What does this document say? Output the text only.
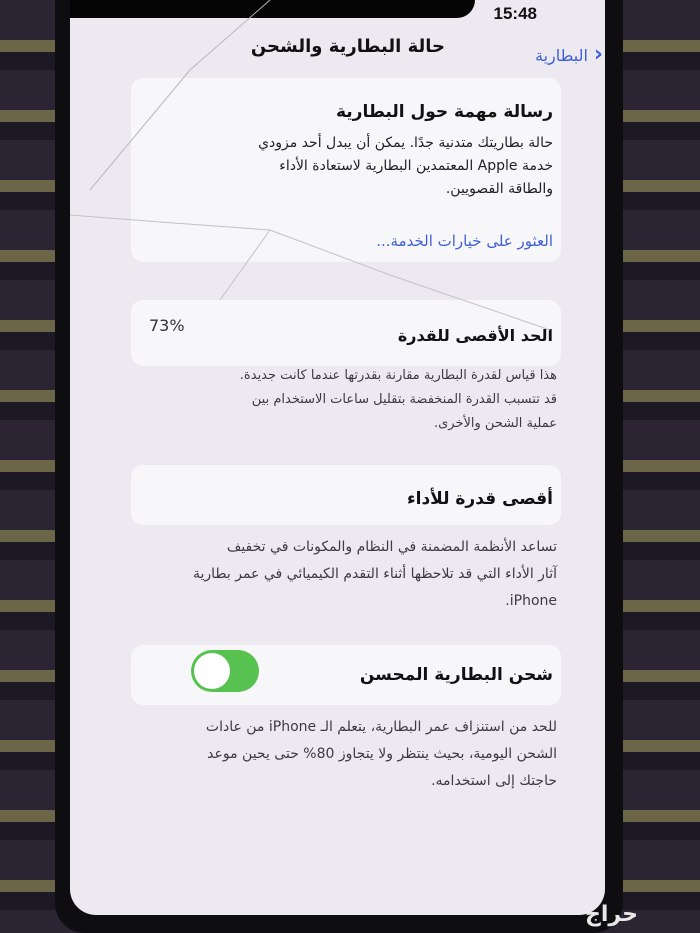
15:48
‹
البطارية
حالة البطارية والشحن
رسالة مهمة حول البطارية
حالة بطاريتك متدنية جدًا. يمكن أن يبدل أحد مزودي
خدمة Apple المعتمدين البطارية لاستعادة الأداء
والطاقة القصويين.
العثور على خيارات الخدمة...
الحد الأقصى للقدرة
73%
هذا قياس لقدرة البطارية مقارنة بقدرتها عندما كانت جديدة.
قد تتسبب القدرة المنخفضة بتقليل ساعات الاستخدام بين
عملية الشحن والأخرى.
أقصى قدرة للأداء
تساعد الأنظمة المضمنة في النظام والمكونات في تخفيف
آثار الأداء التي قد تلاحظها أثناء التقدم الكيميائي في عمر بطارية
iPhone.
شحن البطارية المحسن
للحد من استنزاف عمر البطارية، يتعلم الـ iPhone من عادات
الشحن اليومية، بحيث ينتظر ولا يتجاوز 80% حتى يحين موعد
حاجتك إلى استخدامه.
حراج
